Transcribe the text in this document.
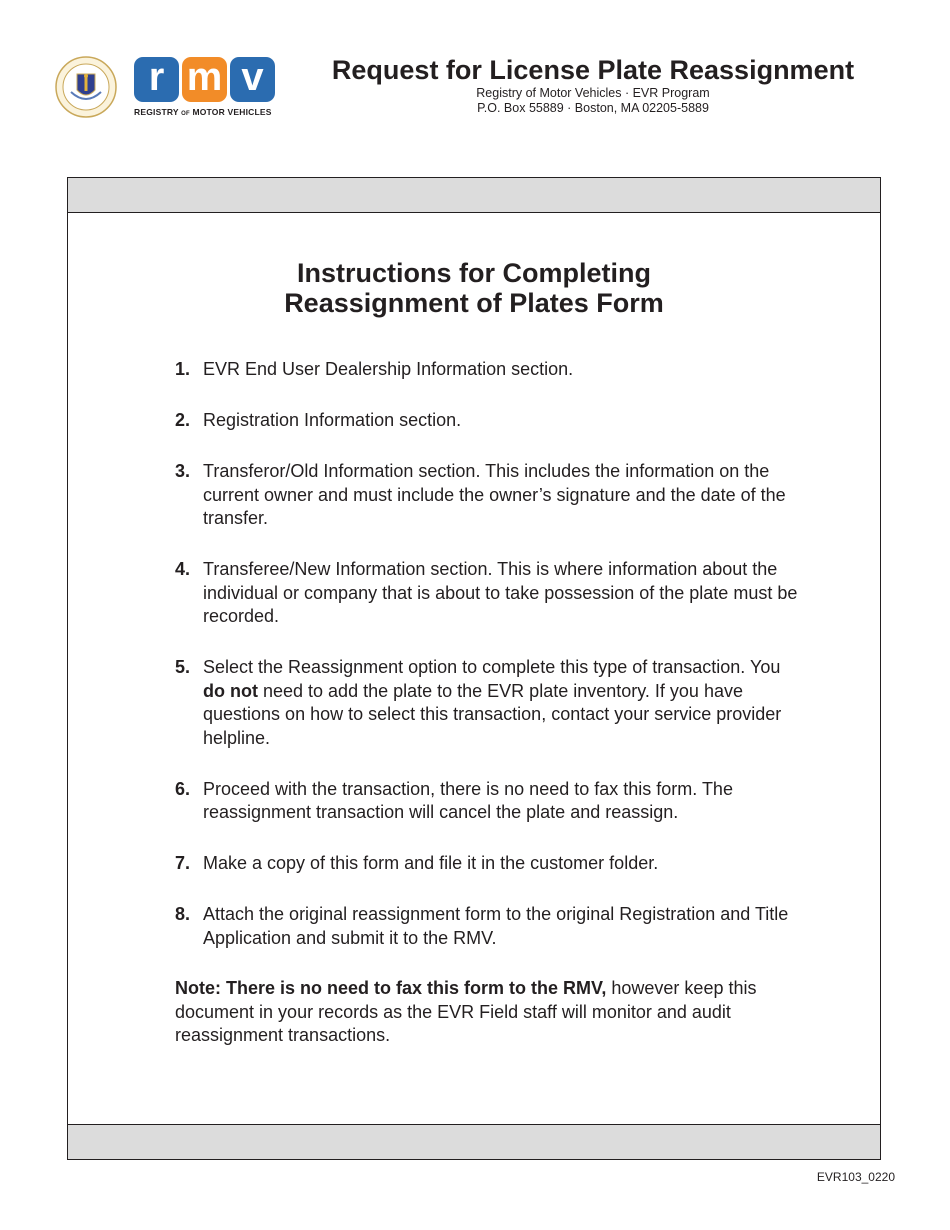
r m v
REGISTRY OF MOTOR VEHICLES
Request for License Plate Reassignment

Registry of Motor Vehicles · EVR Program

P.O. Box 55889 · Boston, MA 02205-5889

Instructions for Completing
Reassignment of Plates Form
1. EVR End User Dealership Information section.
2. Registration Information section.
3. Transferor/Old Information section. This includes the information on the current owner and must include the owner’s signature and the date of the transfer.
4. Transferee/New Information section. This is where information about the individual or company that is about to take possession of the plate must be recorded.
5. Select the Reassignment option to complete this type of transaction. You do not need to add the plate to the EVR plate inventory. If you have questions on how to select this transaction, contact your service provider helpline.
6. Proceed with the transaction, there is no need to fax this form. The reassignment transaction will cancel the plate and reassign.
7. Make a copy of this form and file it in the customer folder.
8. Attach the original reassignment form to the original Registration and Title Application and submit it to the RMV.
Note: There is no need to fax this form to the RMV, however keep this document in your records as the EVR Field staff will monitor and audit reassignment transactions.
EVR103_0220
